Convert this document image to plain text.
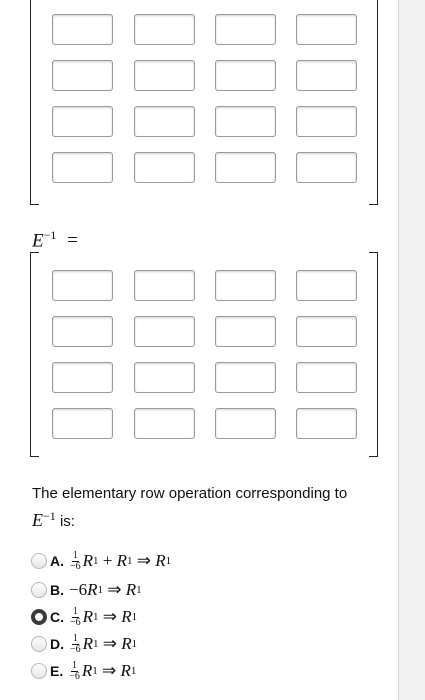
$E^{-1}$ =
The elementary row operation corresponding to
$E^{-1}$ is:
A. $\frac{1}{-6}$ R 1 + R 1 ⇒ R 1
B. −6 R 1 ⇒ R 1
C. $\frac{1}{-6}$ R 1 ⇒ R 1
D. $\frac{1}{-6}$ R 1 ⇒ R 1
E. $\frac{1}{-6}$ R 1 ⇒ R 1
